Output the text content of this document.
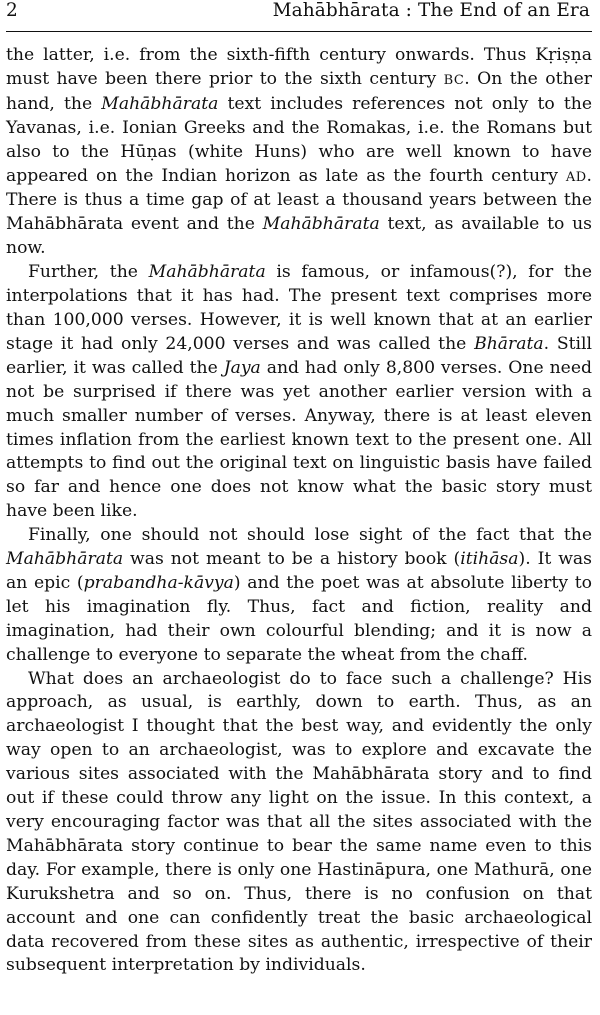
2	Mahābhārata : The End of an Era

the latter, i.e. from the sixth-fifth century onwards. Thus Kṛiṣṇa must have been there prior to the sixth century BC. On the other hand, the Mahābhārata text includes references not only to the Yavanas, i.e. Ionian Greeks and the Romakas, i.e. the Romans but also to the Hūṇas (white Huns) who are well known to have appeared on the Indian horizon as late as the fourth century AD. There is thus a time gap of at least a thousand years between the Mahābhārata event and the Mahābhārata text, as available to us now.

Further, the Mahābhārata is famous, or infamous(?), for the interpolations that it has had. The present text comprises more than 100,000 verses. However, it is well known that at an earlier stage it had only 24,000 verses and was called the Bhārata. Still earlier, it was called the Jaya and had only 8,800 verses. One need not be surprised if there was yet another earlier version with a much smaller number of verses. Anyway, there is at least eleven times inflation from the earliest known text to the present one. All attempts to find out the original text on linguistic basis have failed so far and hence one does not know what the basic story must have been like.

Finally, one should not should lose sight of the fact that the Mahābhārata was not meant to be a history book (itihāsa). It was an epic (prabandha-kāvya) and the poet was at absolute liberty to let his imagination fly. Thus, fact and fiction, reality and imagination, had their own colourful blending; and it is now a challenge to everyone to separate the wheat from the chaff.

What does an archaeologist do to face such a challenge? His approach, as usual, is earthly, down to earth. Thus, as an archaeologist I thought that the best way, and evidently the only way open to an archaeologist, was to explore and excavate the various sites associated with the Mahābhārata story and to find out if these could throw any light on the issue. In this context, a very encouraging factor was that all the sites associated with the Mahābhārata story continue to bear the same name even to this day. For example, there is only one Hastināpura, one Mathurā, one Kurukshetra and so on. Thus, there is no confusion on that account and one can confidently treat the basic archaeological data recovered from these sites as authentic, irrespective of their subsequent interpretation by individuals.
